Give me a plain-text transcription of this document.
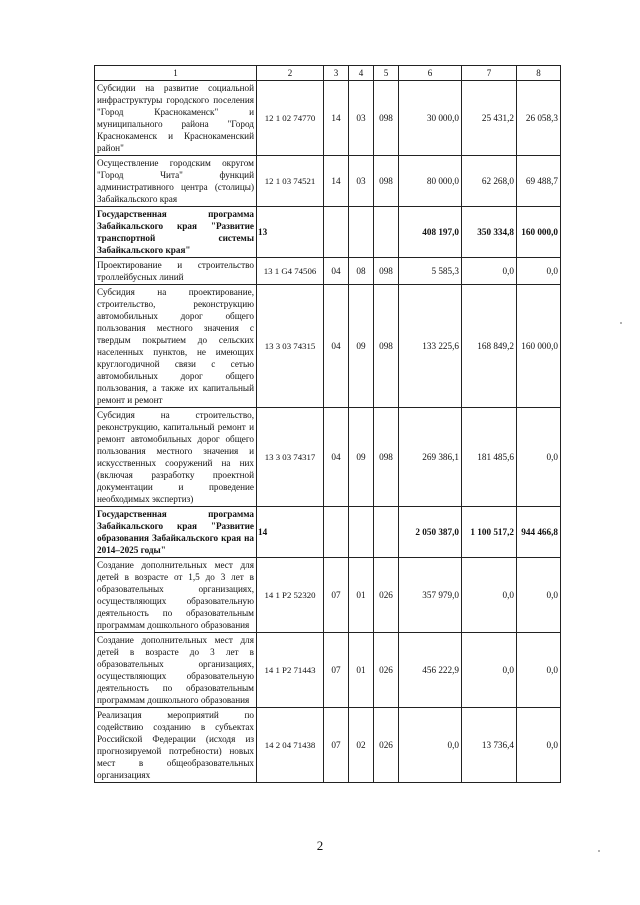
1	2	3	4	5	6	7	8
Субсидии на развитие социальной инфраструктуры городского поселения "Город Краснокаменск" и муниципального района "Город Краснокаменск и Краснокаменский район"	12 1 02 74770	14	03	098	30 000,0	25 431,2	26 058,3
Осуществление городским округом "Город Чита" функций административного центра (столицы) Забайкальского края	12 1 03 74521	14	03	098	80 000,0	62 268,0	69 488,7
Государственная программа Забайкальского края "Развитие транспортной системы Забайкальского края"	13				408 197,0	350 334,8	160 000,0
Проектирование и строительство троллейбусных линий	13 1 G4 74506	04	08	098	5 585,3	0,0	0,0
Субсидия на проектирование, строительство, реконструкцию автомобильных дорог общего пользования местного значения с твердым покрытием до сельских населенных пунктов, не имеющих круглогодичной связи с сетью автомобильных дорог общего пользования, а также их капитальный ремонт и ремонт	13 3 03 74315	04	09	098	133 225,6	168 849,2	160 000,0
Субсидия на строительство, реконструкцию, капитальный ремонт и ремонт автомобильных дорог общего пользования местного значения и искусственных сооружений на них (включая разработку проектной документации и проведение необходимых экспертиз)	13 3 03 74317	04	09	098	269 386,1	181 485,6	0,0
Государственная программа Забайкальского края "Развитие образования Забайкальского края на 2014–2025 годы"	14				2 050 387,0	1 100 517,2	944 466,8
Создание дополнительных мест для детей в возрасте от 1,5 до 3 лет в образовательных организациях, осуществляющих образовательную деятельность по образовательным программам дошкольного образования	14 1 P2 52320	07	01	026	357 979,0	0,0	0,0
Создание дополнительных мест для детей в возрасте до 3 лет в образовательных организациях, осуществляющих образовательную деятельность по образовательным программам дошкольного образования	14 1 P2 71443	07	01	026	456 222,9	0,0	0,0
Реализация мероприятий по содействию созданию в субъектах Российской Федерации (исходя из прогнозируемой потребности) новых мест в общеобразовательных организациях	14 2 04 71438	07	02	026	0,0	13 736,4	0,0
2
